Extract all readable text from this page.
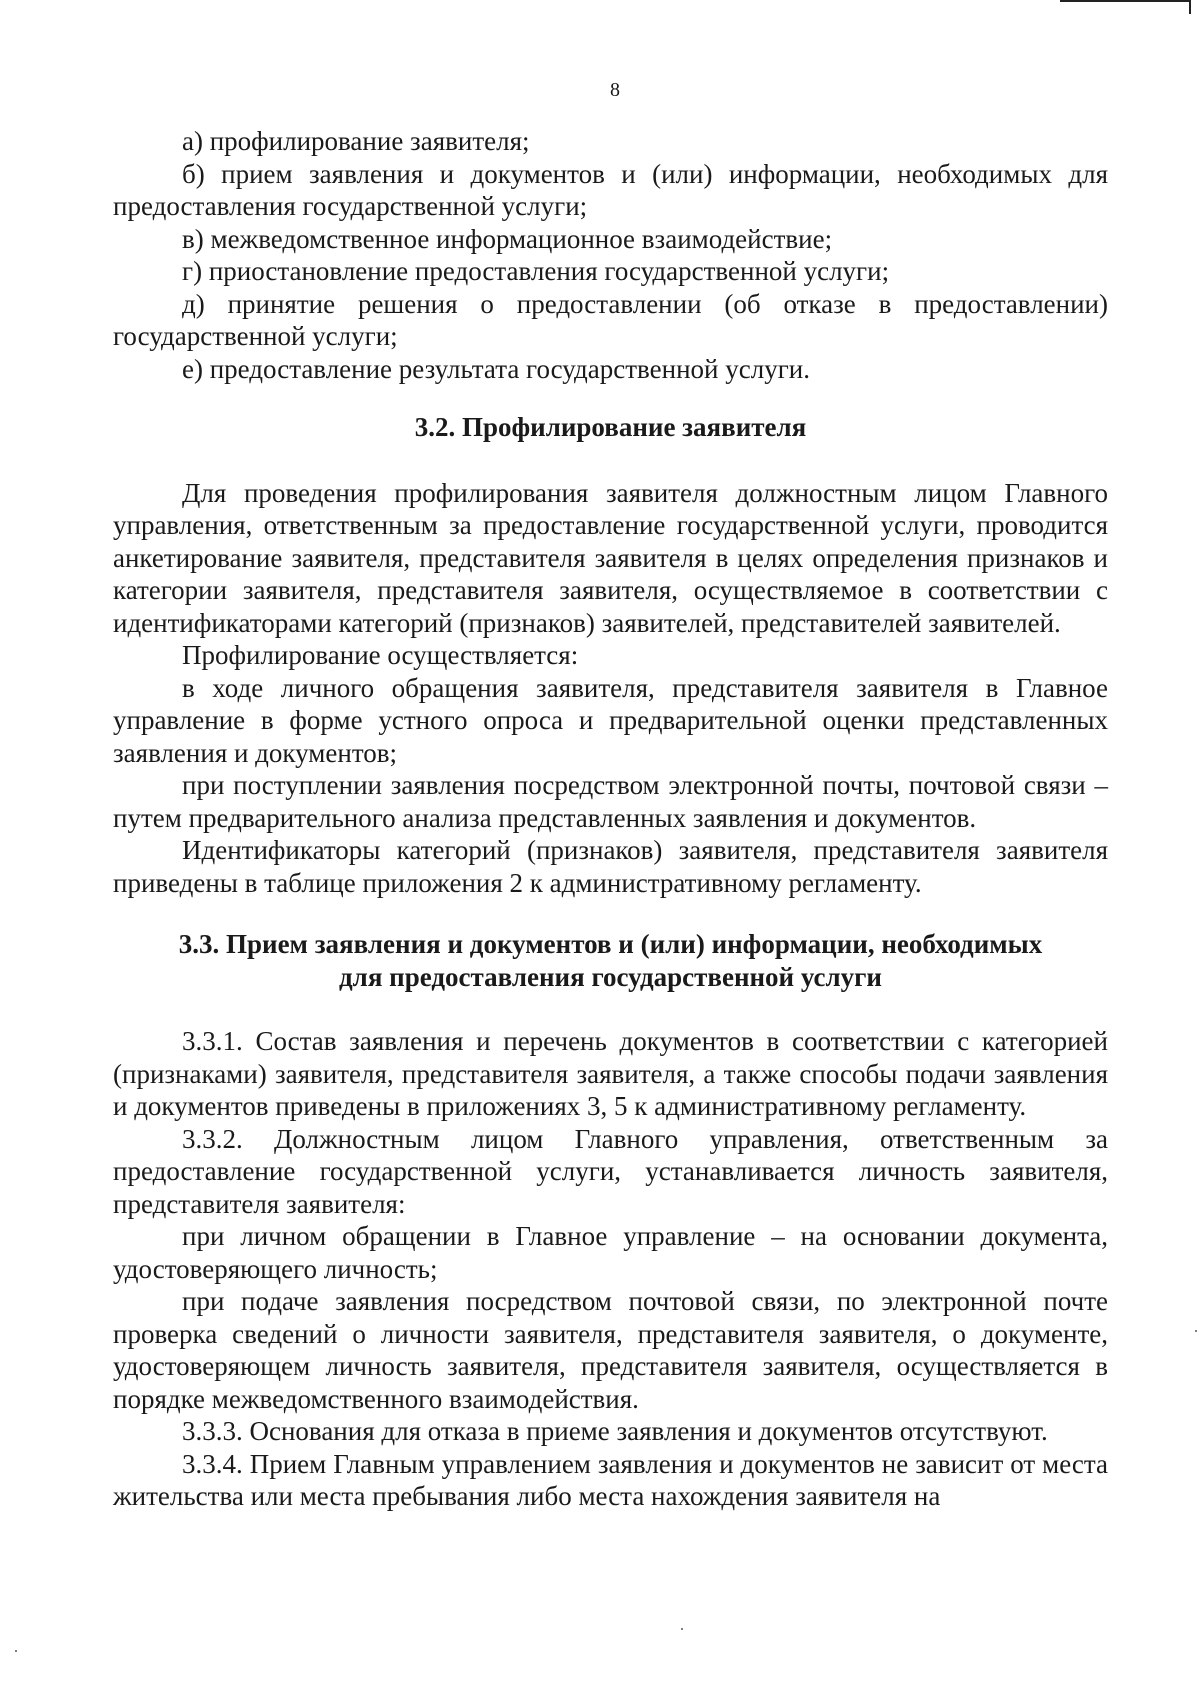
8

а) профилирование заявителя;

б) прием заявления и документов и (или) информации, необходимых для предоставления государственной услуги;

в) межведомственное информационное взаимодействие;

г) приостановление предоставления государственной услуги;

д) принятие решения о предоставлении (об отказе в предоставлении) государственной услуги;

е) предоставление результата государственной услуги.

3.2. Профилирование заявителя

Для проведения профилирования заявителя должностным лицом Главного управления, ответственным за предоставление государственной услуги, проводится анкетирование заявителя, представителя заявителя в целях определения признаков и категории заявителя, представителя заявителя, осуществляемое в соответствии с идентификаторами категорий (признаков) заявителей, представителей заявителей.

Профилирование осуществляется:

в ходе личного обращения заявителя, представителя заявителя в Главное управление в форме устного опроса и предварительной оценки представленных заявления и документов;

при поступлении заявления посредством электронной почты, почтовой связи – путем предварительного анализа представленных заявления и документов.

Идентификаторы категорий (признаков) заявителя, представителя заявителя приведены в таблице приложения 2 к административному регламенту.

3.3. Прием заявления и документов и (или) информации, необходимых
для предоставления государственной услуги

3.3.1. Состав заявления и перечень документов в соответствии с категорией (признаками) заявителя, представителя заявителя, а также способы подачи заявления и документов приведены в приложениях 3, 5 к административному регламенту.

3.3.2. Должностным лицом Главного управления, ответственным за предоставление государственной услуги, устанавливается личность заявителя, представителя заявителя:

при личном обращении в Главное управление – на основании документа, удостоверяющего личность;

при подаче заявления посредством почтовой связи, по электронной почте проверка сведений о личности заявителя, представителя заявителя, о документе, удостоверяющем личность заявителя, представителя заявителя, осуществляется в порядке межведомственного взаимодействия.

3.3.3. Основания для отказа в приеме заявления и документов отсутствуют.

3.3.4. Прием Главным управлением заявления и документов не зависит от места жительства или места пребывания либо места нахождения заявителя на
